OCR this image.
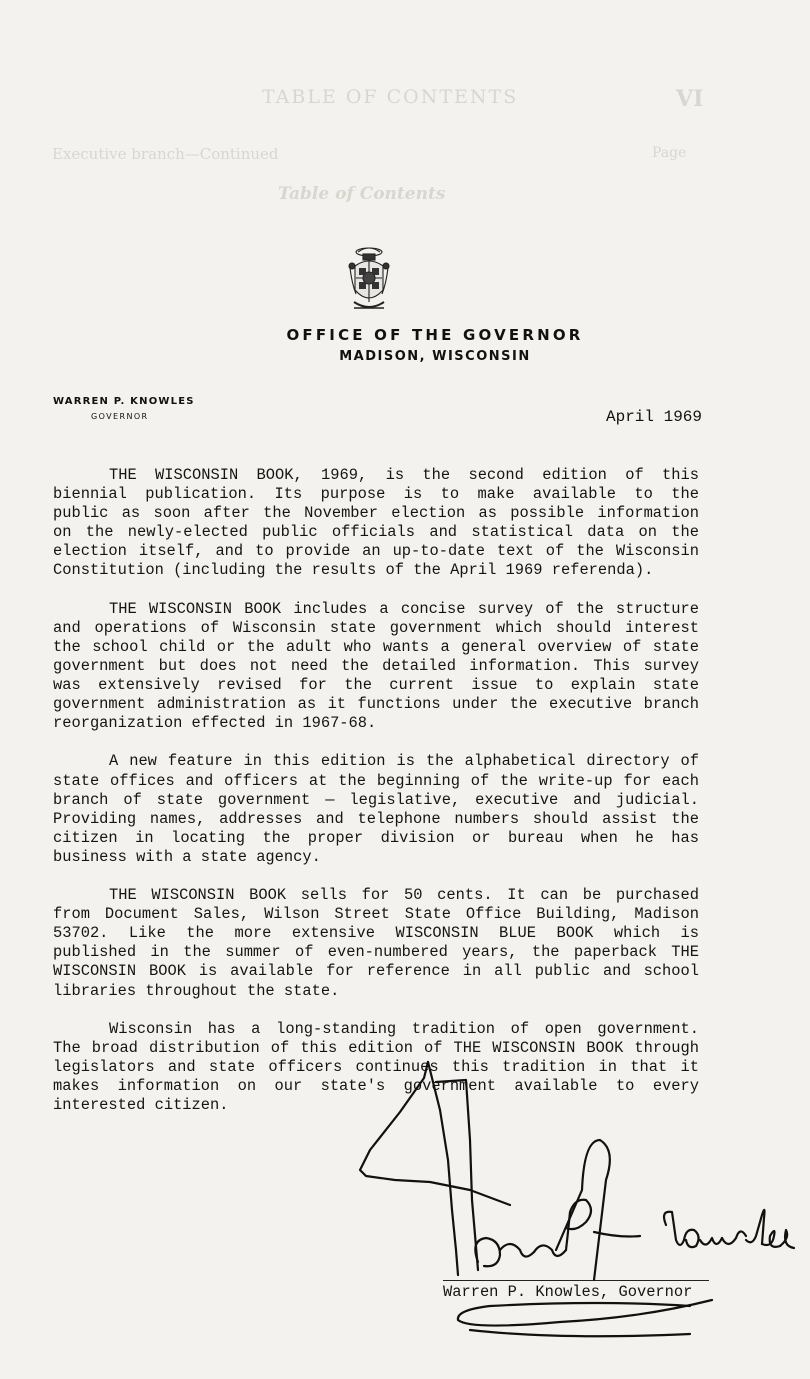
TABLE OF CONTENTS	VI
Executive branch—Continued	Page
Table of Contents
OFFICE OF THE GOVERNOR
MADISON, WISCONSIN
WARREN P. KNOWLES
GOVERNOR	April 1969
THE WISCONSIN BOOK, 1969, is the second edition of this
biennial publication. Its purpose is to make available to the
public as soon after the November election as possible information
on the newly-elected public officials and statistical data on the
election itself, and to provide an up-to-date text of the Wisconsin
Constitution (including the results of the April 1969 referenda).
THE WISCONSIN BOOK includes a concise survey of the structure
and operations of Wisconsin state government which should interest
the school child or the adult who wants a general overview of state
government but does not need the detailed information. This survey
was extensively revised for the current issue to explain state
government administration as it functions under the executive branch
reorganization effected in 1967-68.
A new feature in this edition is the alphabetical directory of
state offices and officers at the beginning of the write-up for each
branch of state government — legislative, executive and judicial.
Providing names, addresses and telephone numbers should assist the
citizen in locating the proper division or bureau when he has
business with a state agency.
THE WISCONSIN BOOK sells for 50 cents. It can be purchased
from Document Sales, Wilson Street State Office Building, Madison
53702. Like the more extensive WISCONSIN BLUE BOOK which is
published in the summer of even-numbered years, the paperback THE
WISCONSIN BOOK is available for reference in all public and school
libraries throughout the state.
Wisconsin has a long-standing tradition of open government.
The broad distribution of this edition of THE WISCONSIN BOOK through
legislators and state officers continues this tradition in that it
makes information on our state's government available to every
interested citizen.
Warren P. Knowles, Governor
